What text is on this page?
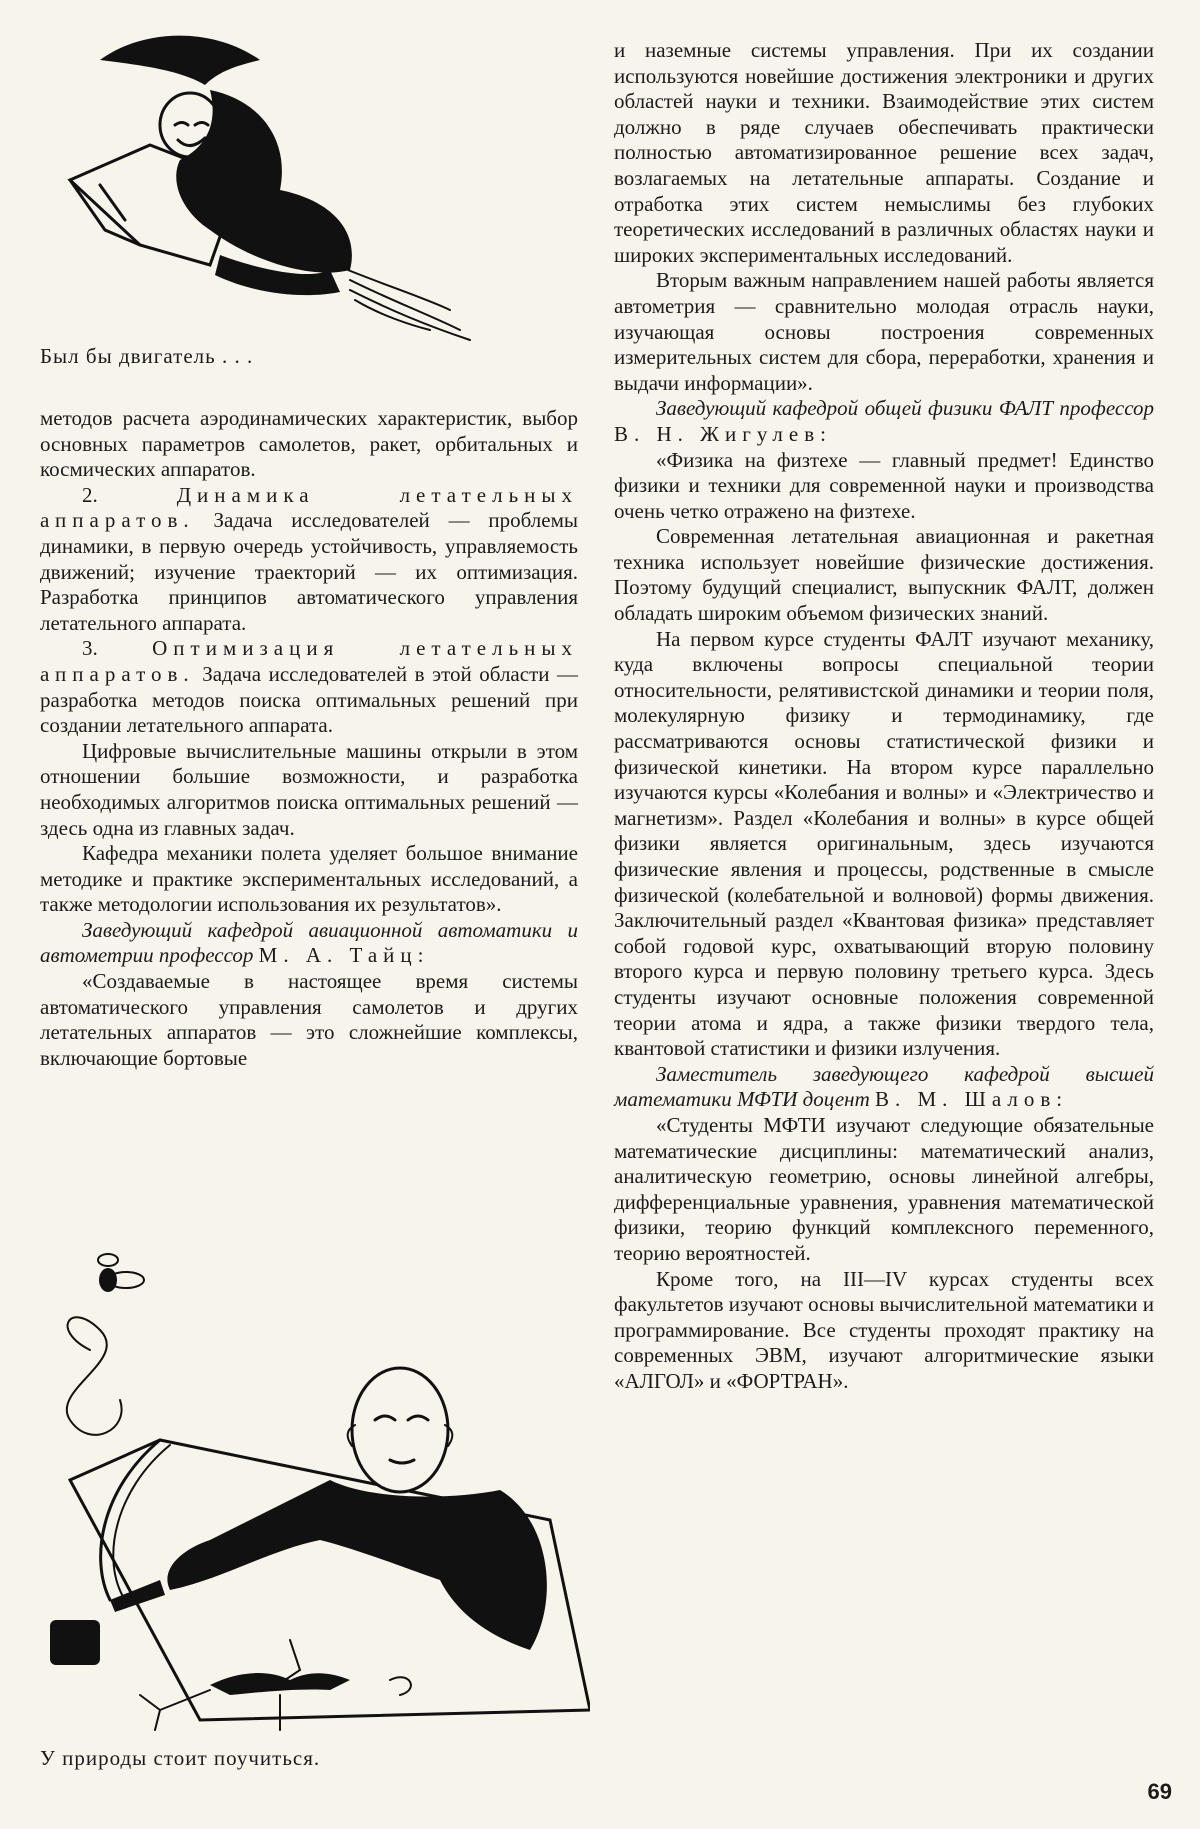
Был бы двигатель . . .

методов расчета аэродинамических характеристик, выбор основных параметров самолетов, ракет, орбитальных и космических аппаратов.

2.	Динамика летательных аппаратов. Задача исследователей — проблемы динамики, в первую очередь устойчивость, управляемость движений; изучение траекторий — их оптимизация. Разработка принципов автоматического управления летательного аппарата.

3.	Оптимизация летательных аппаратов. Задача исследователей в этой области — разработка методов поиска оптимальных решений при создании летательного аппарата.

Цифровые вычислительные машины открыли в этом отношении большие возможности, и разработка необходимых алгоритмов поиска оптимальных решений — здесь одна из главных задач.

Кафедра механики полета уделяет большое внимание методике и практике экспериментальных исследований, а также методологии использования их результатов».

Заведующий кафедрой авиационной автоматики и автометрии профессор М. А. Тайц:

«Создаваемые в настоящее время системы автоматического управления самолетов и других летательных аппаратов — это сложнейшие комплексы, включающие бортовые

У природы стоит поучиться.

и наземные системы управления. При их создании используются новейшие достижения электроники и других областей науки и техники. Взаимодействие этих систем должно в ряде случаев обеспечивать практически полностью автоматизированное решение всех задач, возлагаемых на летательные аппараты. Создание и отработка этих систем немыслимы без глубоких теоретических исследований в различных областях науки и широких экспериментальных исследований.

Вторым важным направлением нашей работы является автометрия — сравнительно молодая отрасль науки, изучающая основы построения современных измерительных систем для сбора, переработки, хранения и выдачи информации».

Заведующий кафедрой общей физики ФАЛТ профессор В. Н. Жигулев:

«Физика на физтехе — главный предмет! Единство физики и техники для современной науки и производства очень четко отражено на физтехе.

Современная летательная авиационная и ракетная техника использует новейшие физические достижения. Поэтому будущий специалист, выпускник ФАЛТ, должен обладать широким объемом физических знаний.

На первом курсе студенты ФАЛТ изучают механику, куда включены вопросы специальной теории относительности, релятивистской динамики и теории поля, молекулярную физику и термодинамику, где рассматриваются основы статистической физики и физической кинетики. На втором курсе параллельно изучаются курсы «Колебания и волны» и «Электричество и магнетизм». Раздел «Колебания и волны» в курсе общей физики является оригинальным, здесь изучаются физические явления и процессы, родственные в смысле физической (колебательной и волновой) формы движения. Заключительный раздел «Квантовая физика» представляет собой годовой курс, охватывающий вторую половину второго курса и первую половину третьего курса. Здесь студенты изучают основные положения современной теории атома и ядра, а также физики твердого тела, квантовой статистики и физики излучения.

Заместитель заведующего кафедрой высшей математики МФТИ доцент В. М. Шалов:

«Студенты МФТИ изучают следующие обязательные математические дисциплины: математический анализ, аналитическую геометрию, основы линейной алгебры, дифференциальные уравнения, уравнения математической физики, теорию функций комплексного переменного, теорию вероятностей.

Кроме того, на III—IV курсах студенты всех факультетов изучают основы вычислительной математики и программирование. Все студенты проходят практику на современных ЭВМ, изучают алгоритмические языки «АЛГОЛ» и «ФОРТРАН».

69
